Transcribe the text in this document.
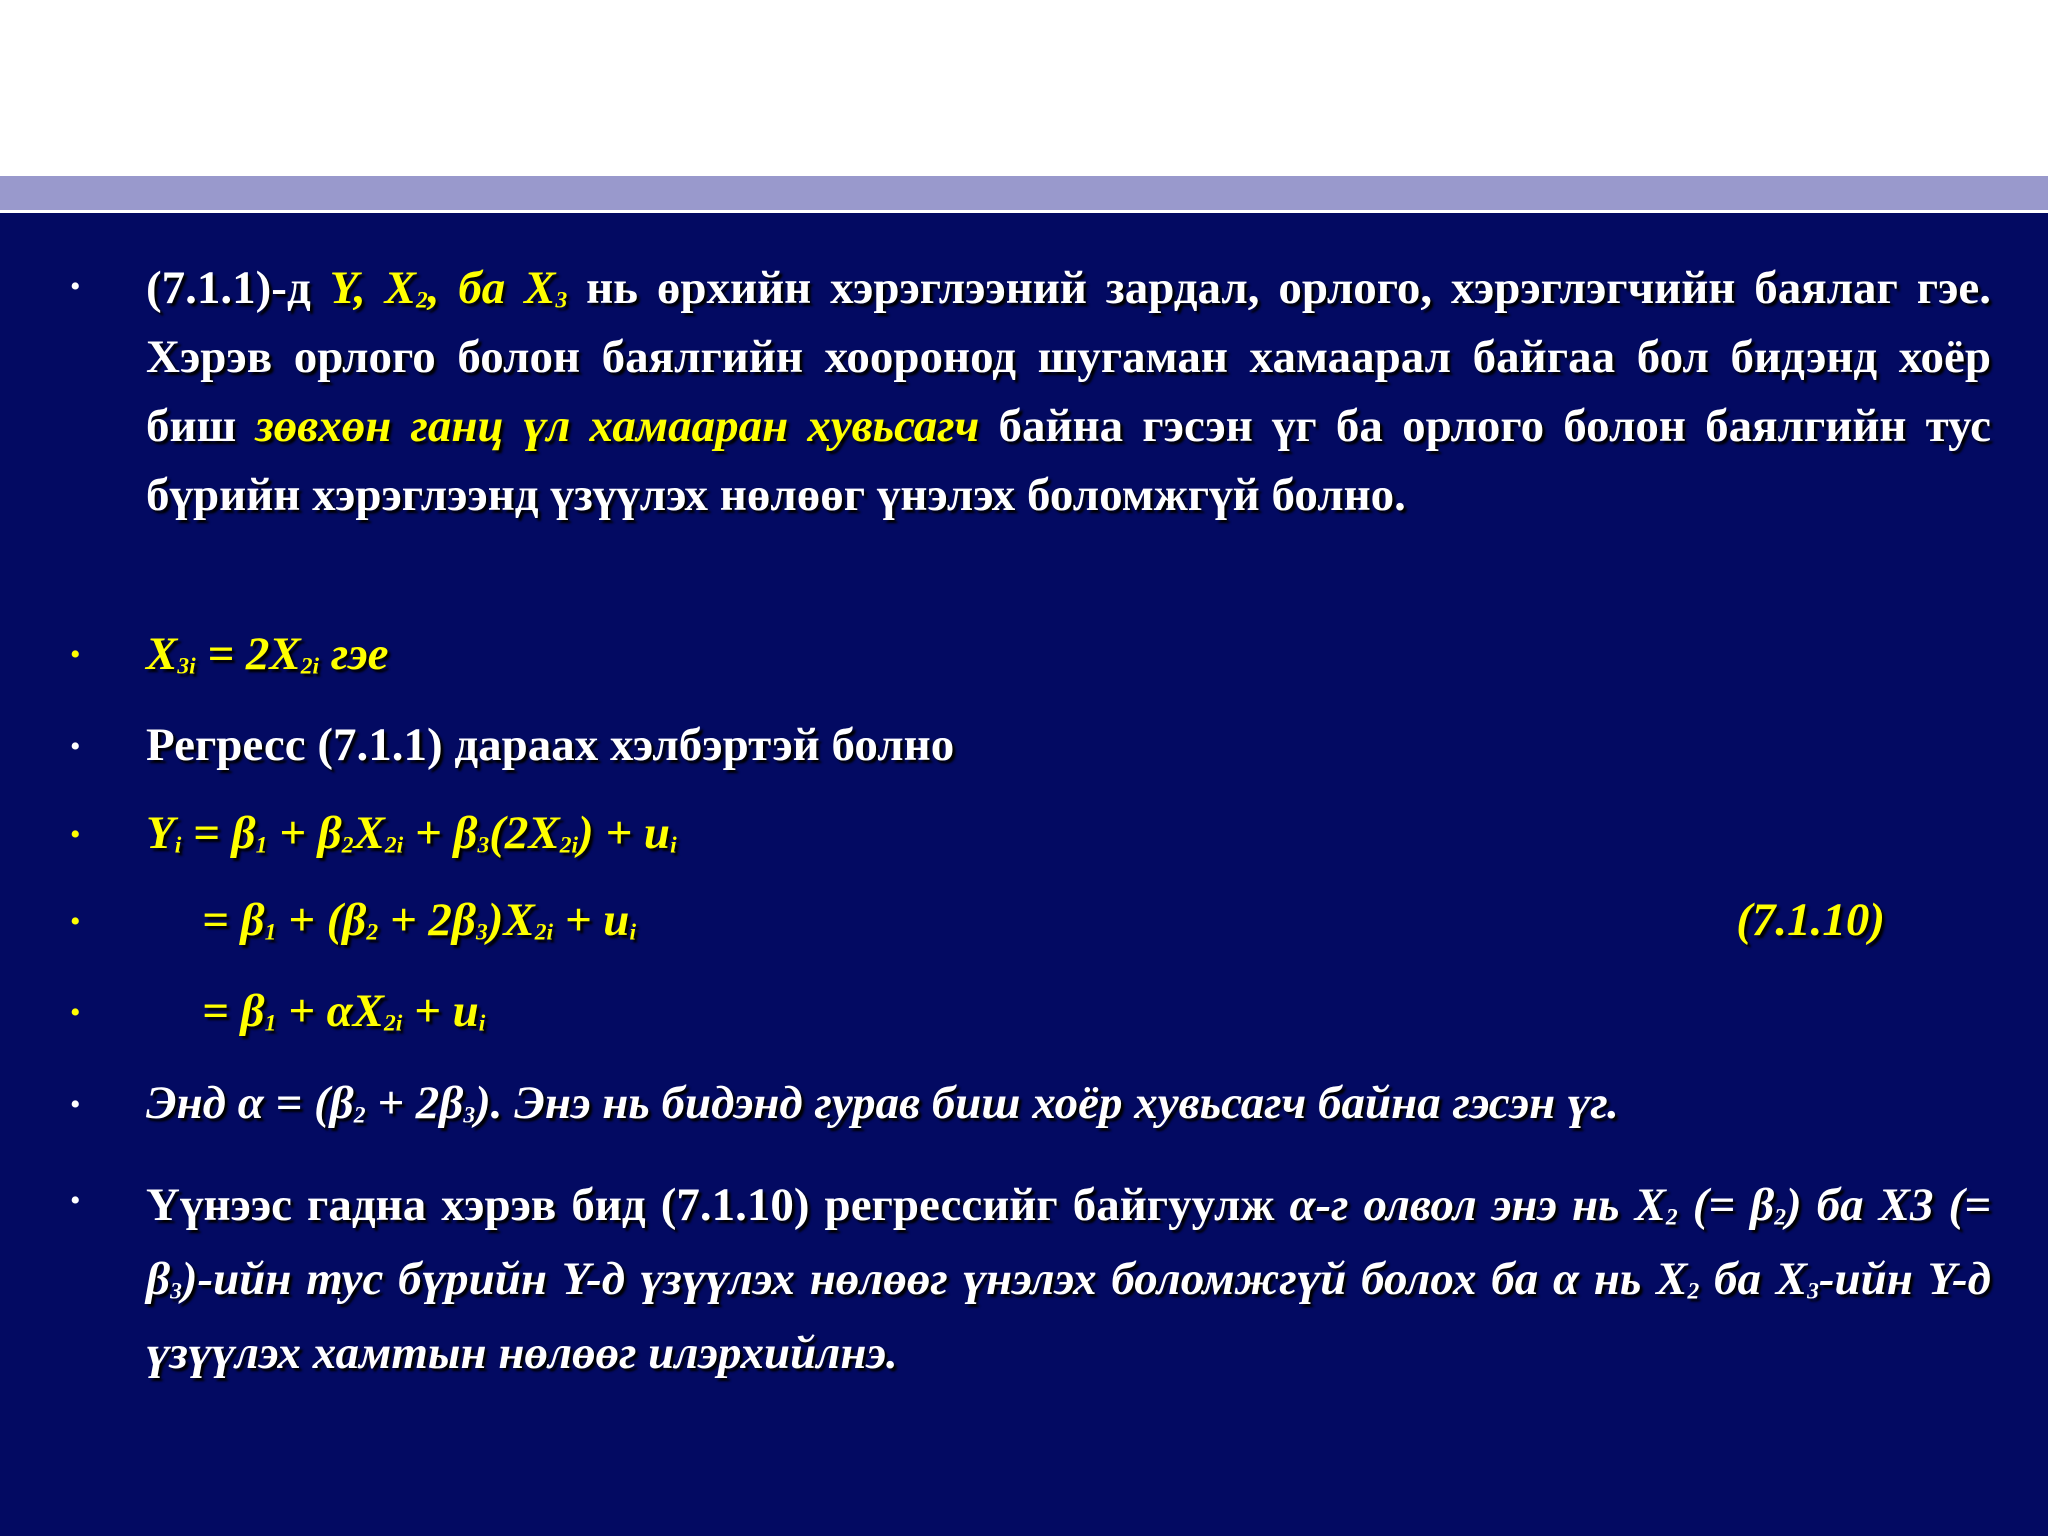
• (7.1.1)-д Y, $X_2$, ба $X_3$ нь өрхийн хэрэглээний зардал, орлого, хэрэглэгчийн баялаг гэе. Хэрэв орлого болон баялгийн хооронод шугаман хамаарал байгаа бол бидэнд хоёр биш зөвхөн ганц үл хамааран хувьсагч байна гэсэн үг ба орлого болон баялгийн тус бүрийн хэрэглээнд үзүүлэх нөлөөг үнэлэх боломжгүй болно.
• $X_{3i} = 2X_{2i}$ гэе
• Регресс (7.1.1) дараах хэлбэртэй болно
• $Y_i = \beta_1 + \beta_2X_{2i} + \beta_3(2X_{2i}) + u_i$
•	= $\beta_1 + (\beta_2 + 2\beta_3)X_{2i} + u_i$	(7.1.10)
•	= $\beta_1 + \alpha X_{2i} + u_i$
• Энд $\alpha = (\beta_2 + 2\beta_3)$. Энэ нь бидэнд гурав биш хоёр хувьсагч байна гэсэн үг.
• Үүнээс гадна хэрэв бид (7.1.10) регрессийг байгуулж α-г олвол энэ нь $X_2$ (= $\beta_2$) ба X3 (= $\beta_3$)-ийн тус бүрийн Y-д үзүүлэх нөлөөг үнэлэх боломжгүй болох ба α нь $X_2$ ба $X_3$-ийн Y-д үзүүлэх хамтын нөлөөг илэрхийлнэ.
